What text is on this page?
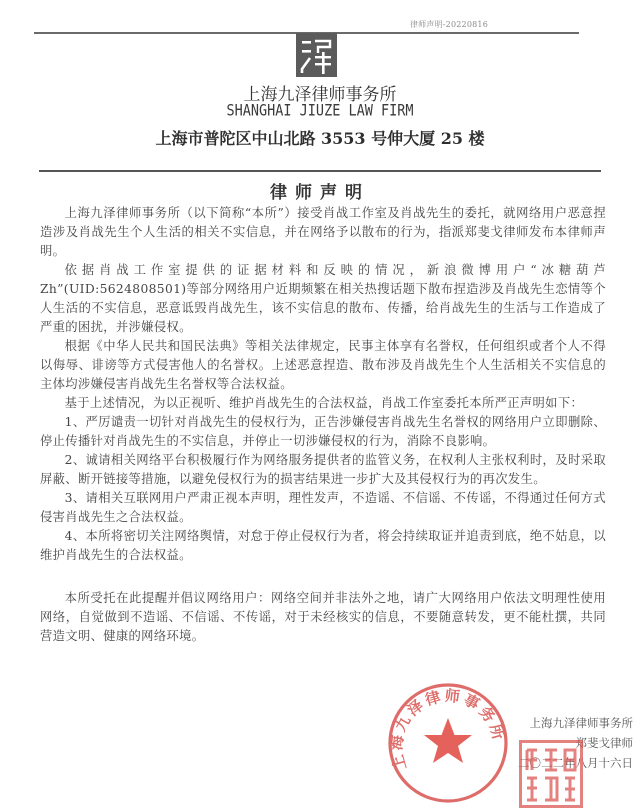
律师声明-20220816
上海九泽律师事务所
SHANGHAI JIUZE LAW FIRM
上海市普陀区中山北路 3553 号伸大厦 25 楼
律师声明

上海九泽律师事务所（以下简称“本所”）接受肖战工作室及肖战先生的委托，就网络用户恶意捏造涉及肖战先生个人生活的相关不实信息，并在网络予以散布的行为，指派郑斐戈律师发布本律师声明。

依据肖战工作室提供的证据材料和反映的情况，新浪微博用户“冰糖葫芦 Zh”(UID:5624808501)等部分网络用户近期频繁在相关热搜话题下散布捏造涉及肖战先生恋情等个人生活的不实信息，恶意诋毁肖战先生，该不实信息的散布、传播，给肖战先生的生活与工作造成了严重的困扰，并涉嫌侵权。

根据《中华人民共和国民法典》等相关法律规定，民事主体享有名誉权，任何组织或者个人不得以侮辱、诽谤等方式侵害他人的名誉权。上述恶意捏造、散布涉及肖战先生个人生活相关不实信息的主体均涉嫌侵害肖战先生名誉权等合法权益。

基于上述情况，为以正视听、维护肖战先生的合法权益，肖战工作室委托本所严正声明如下：

1、严厉谴责一切针对肖战先生的侵权行为，正告涉嫌侵害肖战先生名誉权的网络用户立即删除、停止传播针对肖战先生的不实信息，并停止一切涉嫌侵权的行为，消除不良影响。

2、诚请相关网络平台积极履行作为网络服务提供者的监管义务，在权利人主张权利时，及时采取屏蔽、断开链接等措施，以避免侵权行为的损害结果进一步扩大及其侵权行为的再次发生。

3、请相关互联网用户严肃正视本声明，理性发声，不造谣、不信谣、不传谣，不得通过任何方式侵害肖战先生之合法权益。

4、本所将密切关注网络舆情，对怠于停止侵权行为者，将会持续取证并追责到底，绝不姑息，以维护肖战先生的合法权益。

本所受托在此提醒并倡议网络用户：网络空间并非法外之地，请广大网络用户依法文明理性使用网络，自觉做到不造谣、不信谣、不传谣，对于未经核实的信息，不要随意转发，更不能杜撰，共同营造文明、健康的网络环境。

上海九泽律师事务所	上海九泽律师事务所
郑斐戈律师
二〇二二年八月十六日
